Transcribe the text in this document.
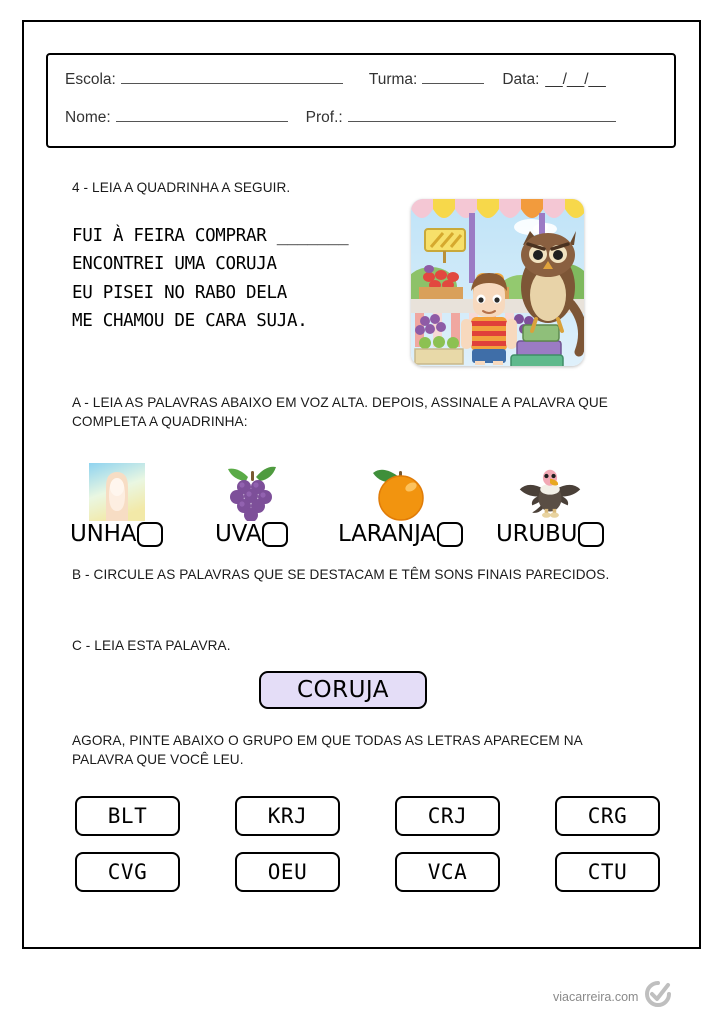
Escola:	Turma:	Data: __/__/__
Nome:	Prof.:
4 - LEIA A QUADRINHA A SEGUIR.
FUI À FEIRA COMPRAR _______
ENCONTREI UMA CORUJA
EU PISEI NO RABO DELA
ME CHAMOU DE CARA SUJA.
A - LEIA AS PALAVRAS ABAIXO EM VOZ ALTA. DEPOIS, ASSINALE A PALAVRA QUE COMPLETA A QUADRINHA:
UNHA	UVA	LARANJA	URUBU
B - CIRCULE AS PALAVRAS QUE SE DESTACAM E TÊM SONS FINAIS PARECIDOS.
C - LEIA ESTA PALAVRA.
CORUJA
AGORA, PINTE ABAIXO O GRUPO EM QUE TODAS AS LETRAS APARECEM NA PALAVRA QUE VOCÊ LEU.
BLT	KRJ	CRJ	CRG
CVG	OEU	VCA	CTU
viacarreira.com
